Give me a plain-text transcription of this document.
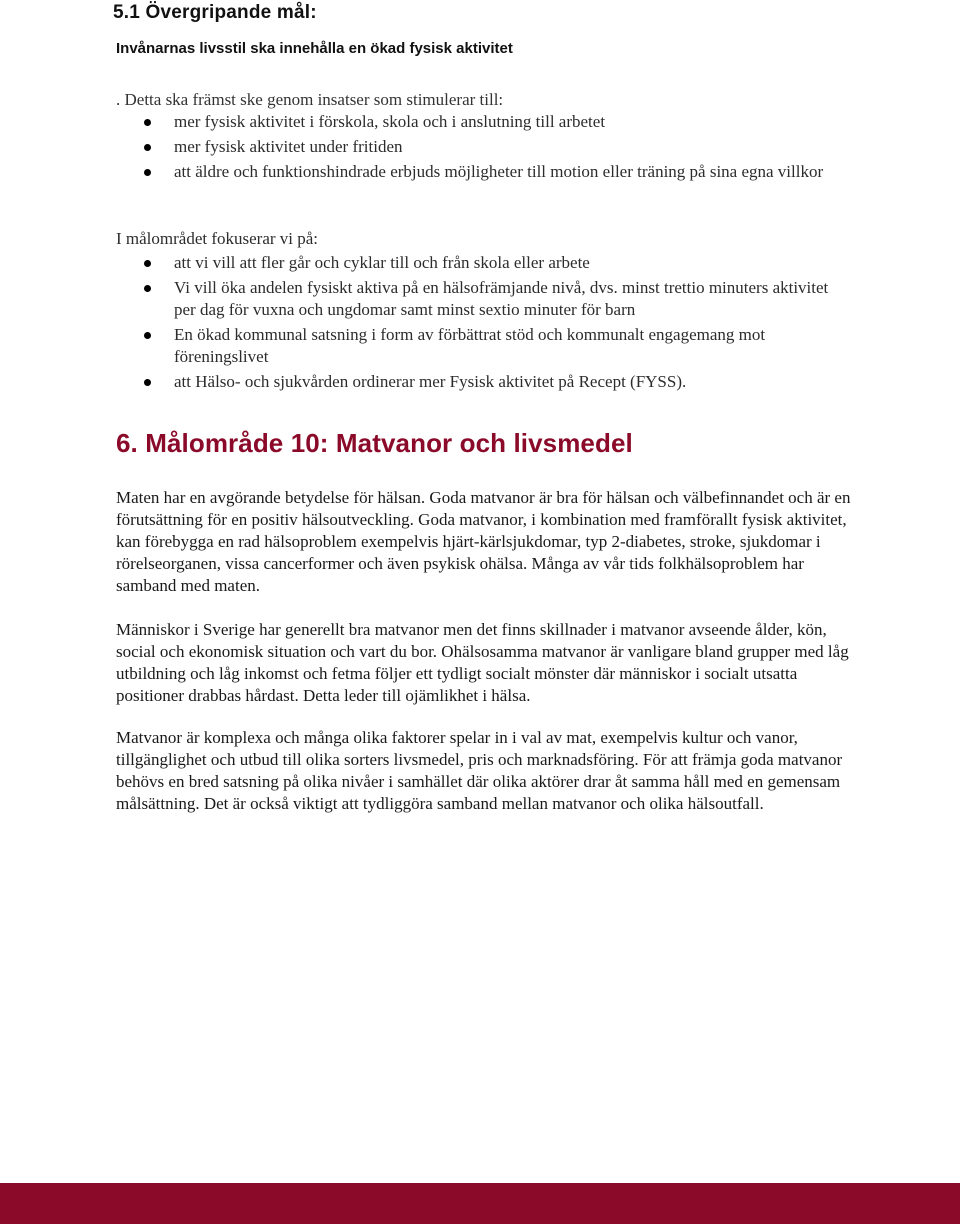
5.1 Övergripande mål:

Invånarnas livsstil ska innehålla en ökad fysisk aktivitet

. Detta ska främst ske genom insatser som stimulerar till:

mer fysisk aktivitet i förskola, skola och i anslutning till arbetet
mer fysisk aktivitet under fritiden
att äldre och funktionshindrade erbjuds möjligheter till motion eller träning på sina egna villkor

I målområdet fokuserar vi på:

att vi vill att fler går och cyklar till och från skola eller arbete
Vi vill öka andelen fysiskt aktiva på en hälsofrämjande nivå, dvs. minst trettio minuters aktivitet per dag för vuxna och ungdomar samt minst sextio minuter för barn
En ökad kommunal satsning i form av förbättrat stöd och kommunalt engagemang mot föreningslivet
att Hälso- och sjukvården ordinerar mer Fysisk aktivitet på Recept (FYSS).
6. Målområde 10: Matvanor och livsmedel

Maten har en avgörande betydelse för hälsan. Goda matvanor är bra för hälsan och välbefinnandet och är en förutsättning för en positiv hälsoutveckling. Goda matvanor, i kombination med framförallt fysisk aktivitet, kan förebygga en rad hälsoproblem exempelvis hjärt-kärlsjukdomar, typ 2-diabetes, stroke, sjukdomar i rörelseorganen, vissa cancerformer och även psykisk ohälsa. Många av vår tids folkhälsoproblem har samband med maten.

Människor i Sverige har generellt bra matvanor men det finns skillnader i matvanor avseende ålder, kön, social och ekonomisk situation och vart du bor. Ohälsosamma matvanor är vanligare bland grupper med låg utbildning och låg inkomst och fetma följer ett tydligt socialt mönster där människor i socialt utsatta positioner drabbas hårdast. Detta leder till ojämlikhet i hälsa.

Matvanor är komplexa och många olika faktorer spelar in i val av mat, exempelvis kultur och vanor, tillgänglighet och utbud till olika sorters livsmedel, pris och marknadsföring. För att främja goda matvanor behövs en bred satsning på olika nivåer i samhället där olika aktörer drar åt samma håll med en gemensam målsättning. Det är också viktigt att tydliggöra samband mellan matvanor och olika hälsoutfall.
